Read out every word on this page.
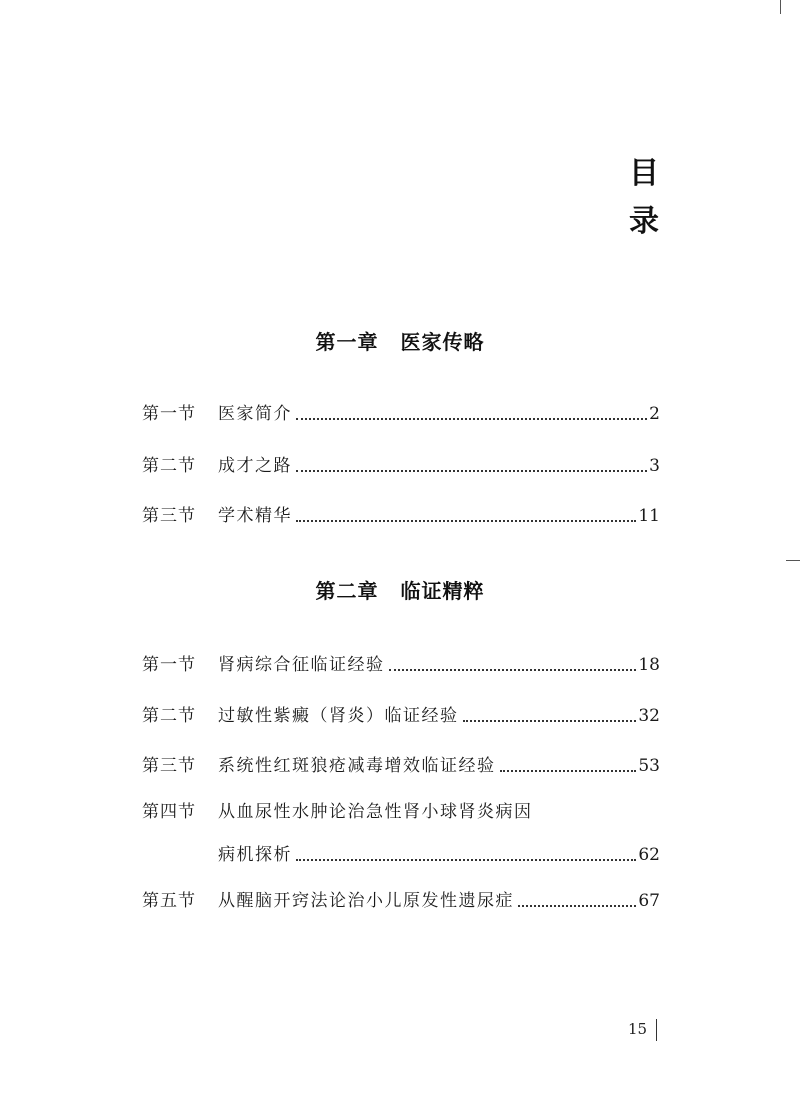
目
录
第一章 医家传略
第一节	医家简介	2
第二节	成才之路	3
第三节	学术精华	11
第二章 临证精粹
第一节	肾病综合征临证经验	18
第二节	过敏性紫癜（肾炎）临证经验	32
第三节	系统性红斑狼疮减毒增效临证经验	53
第四节	从血尿性水肿论治急性肾小球肾炎病因
病机探析	62
第五节	从醒脑开窍法论治小儿原发性遗尿症	67
15
